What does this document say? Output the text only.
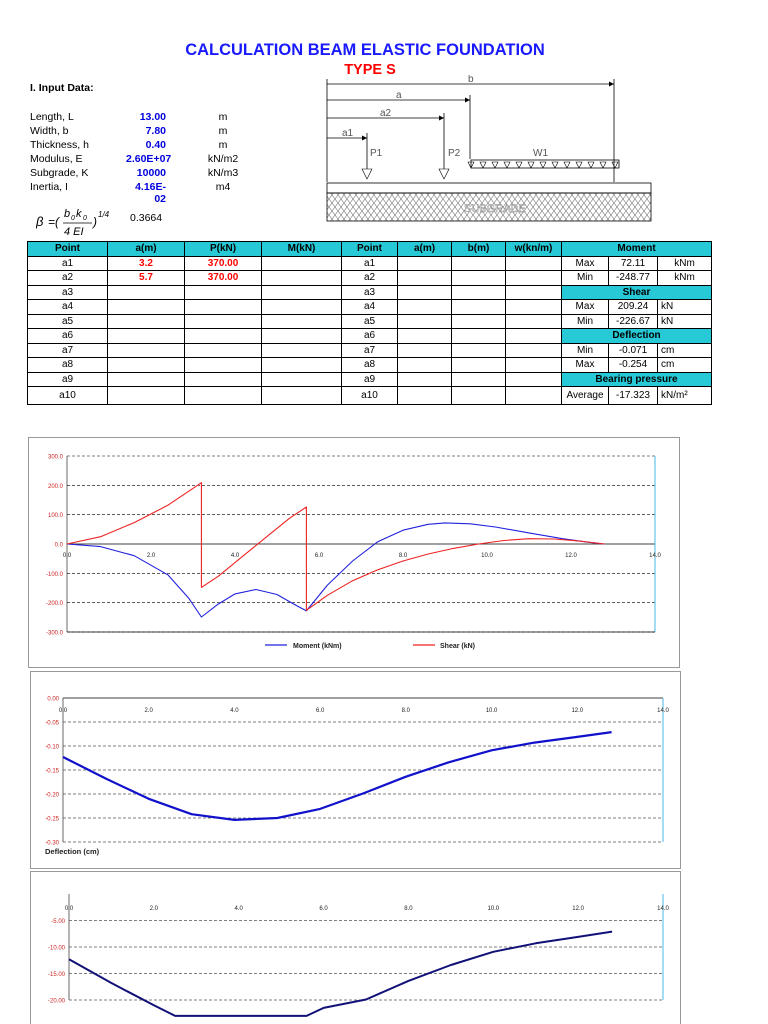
CALCULATION BEAM ELASTIC FOUNDATION
TYPE S
I. Input Data:
Length, L	13.00	m
Width, b	7.80	m
Thickness, h	0.40	m
Modulus, E	2.60E+07	kN/m2
Subgrade, K	10000	kN/m3
Inertia, I	4.16E-02
m4
β =(
b 0 k 0
4 EI
)
1/4 0.3664
b
a
a2
a1
P1	P2	W1
SUBGRADE
Point	a(m)	P(kN)	M(kN)	Point	a(m)	b(m)	w(kn/m)	Moment		
a1	3.2	370.00		a1				Max	72.11	kNm
a2	5.7	370.00		a2				Min	-248.77	kNm
a3				a3				Shear		
a4				a4				Max	209.24	kN
a5				a5				Min	-226.67	kN
a6				a6				Deflection		
a7				a7				Min	-0.071	cm
a8				a8				Max	-0.254	cm
a9				a9				Bearing pressure		
a10				a10				Average	-17.323	kN/m²
300.0
200.0
100.0
0.0
-100.0
-200.0
-300.0
0.0	2.0	4.0	6.0	8.0	10.0	12.0	14.0
Moment (kNm)	Shear (kN)
0.00
-0.05
-0.10
-0.15
-0.20
-0.25
-0.30
0.0	2.0	4.0	6.0	8.0	10.0	12.0	14.0
Deflection (cm)
-5.00
-10.00
-15.00
-20.00
0.0	2.0	4.0	6.0	8.0	10.0	12.0	14.0
